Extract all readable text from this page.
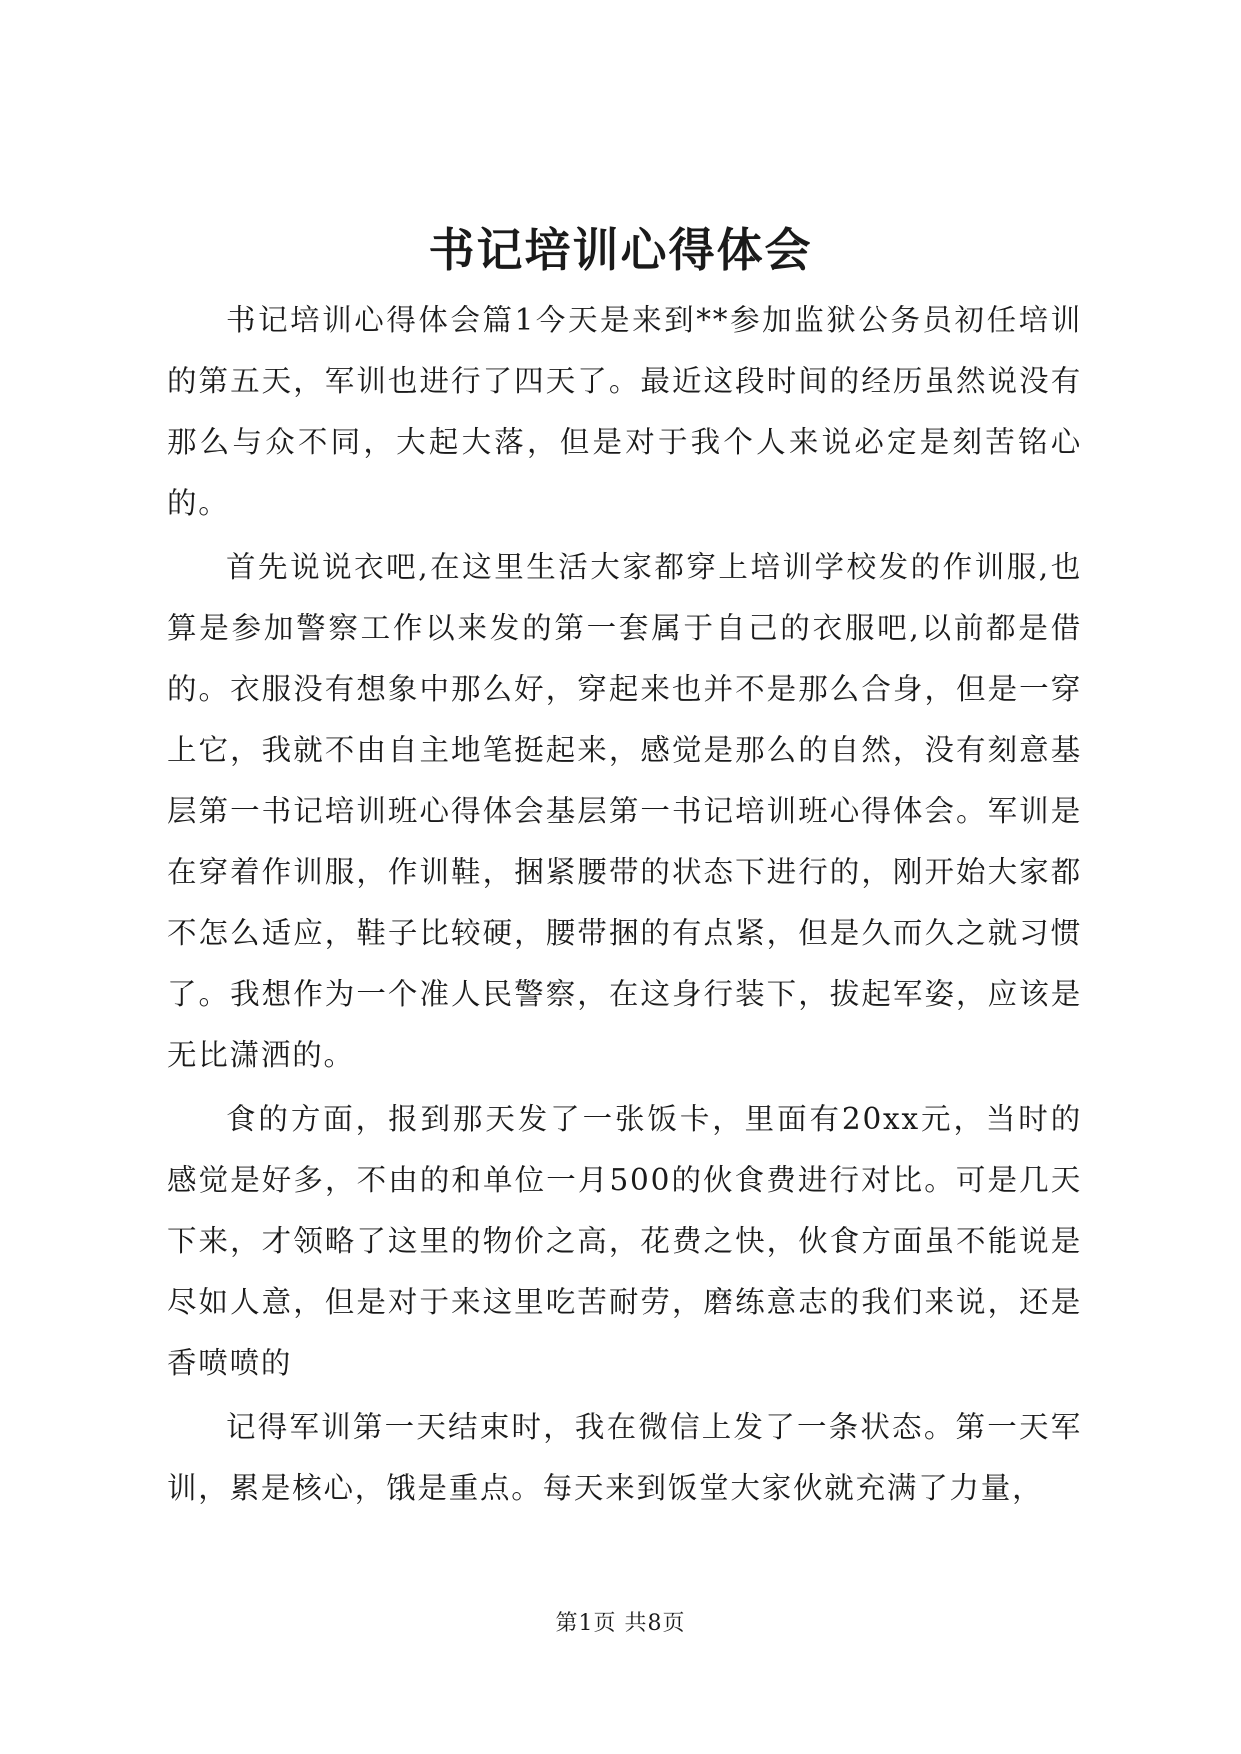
书记培训心得体会

书记培训心得体会篇1今天是来到**参加监狱公务员初任培训的第五天，军训也进行了四天了。最近这段时间的经历虽然说没有那么与众不同，大起大落，但是对于我个人来说必定是刻苦铭心的。

首先说说衣吧,在这里生活大家都穿上培训学校发的作训服,也算是参加警察工作以来发的第一套属于自己的衣服吧,以前都是借的。衣服没有想象中那么好，穿起来也并不是那么合身，但是一穿上它，我就不由自主地笔挺起来，感觉是那么的自然，没有刻意基层第一书记培训班心得体会基层第一书记培训班心得体会。军训是在穿着作训服，作训鞋，捆紧腰带的状态下进行的，刚开始大家都不怎么适应，鞋子比较硬，腰带捆的有点紧，但是久而久之就习惯了。我想作为一个准人民警察，在这身行装下，拔起军姿，应该是无比潇洒的。

食的方面，报到那天发了一张饭卡，里面有20xx元，当时的感觉是好多，不由的和单位一月500的伙食费进行对比。可是几天下来，才领略了这里的物价之高，花费之快，伙食方面虽不能说是尽如人意，但是对于来这里吃苦耐劳，磨练意志的我们来说，还是香喷喷的

记得军训第一天结束时，我在微信上发了一条状态。第一天军训，累是核心，饿是重点。每天来到饭堂大家伙就充满了力量，

第1页 共8页
